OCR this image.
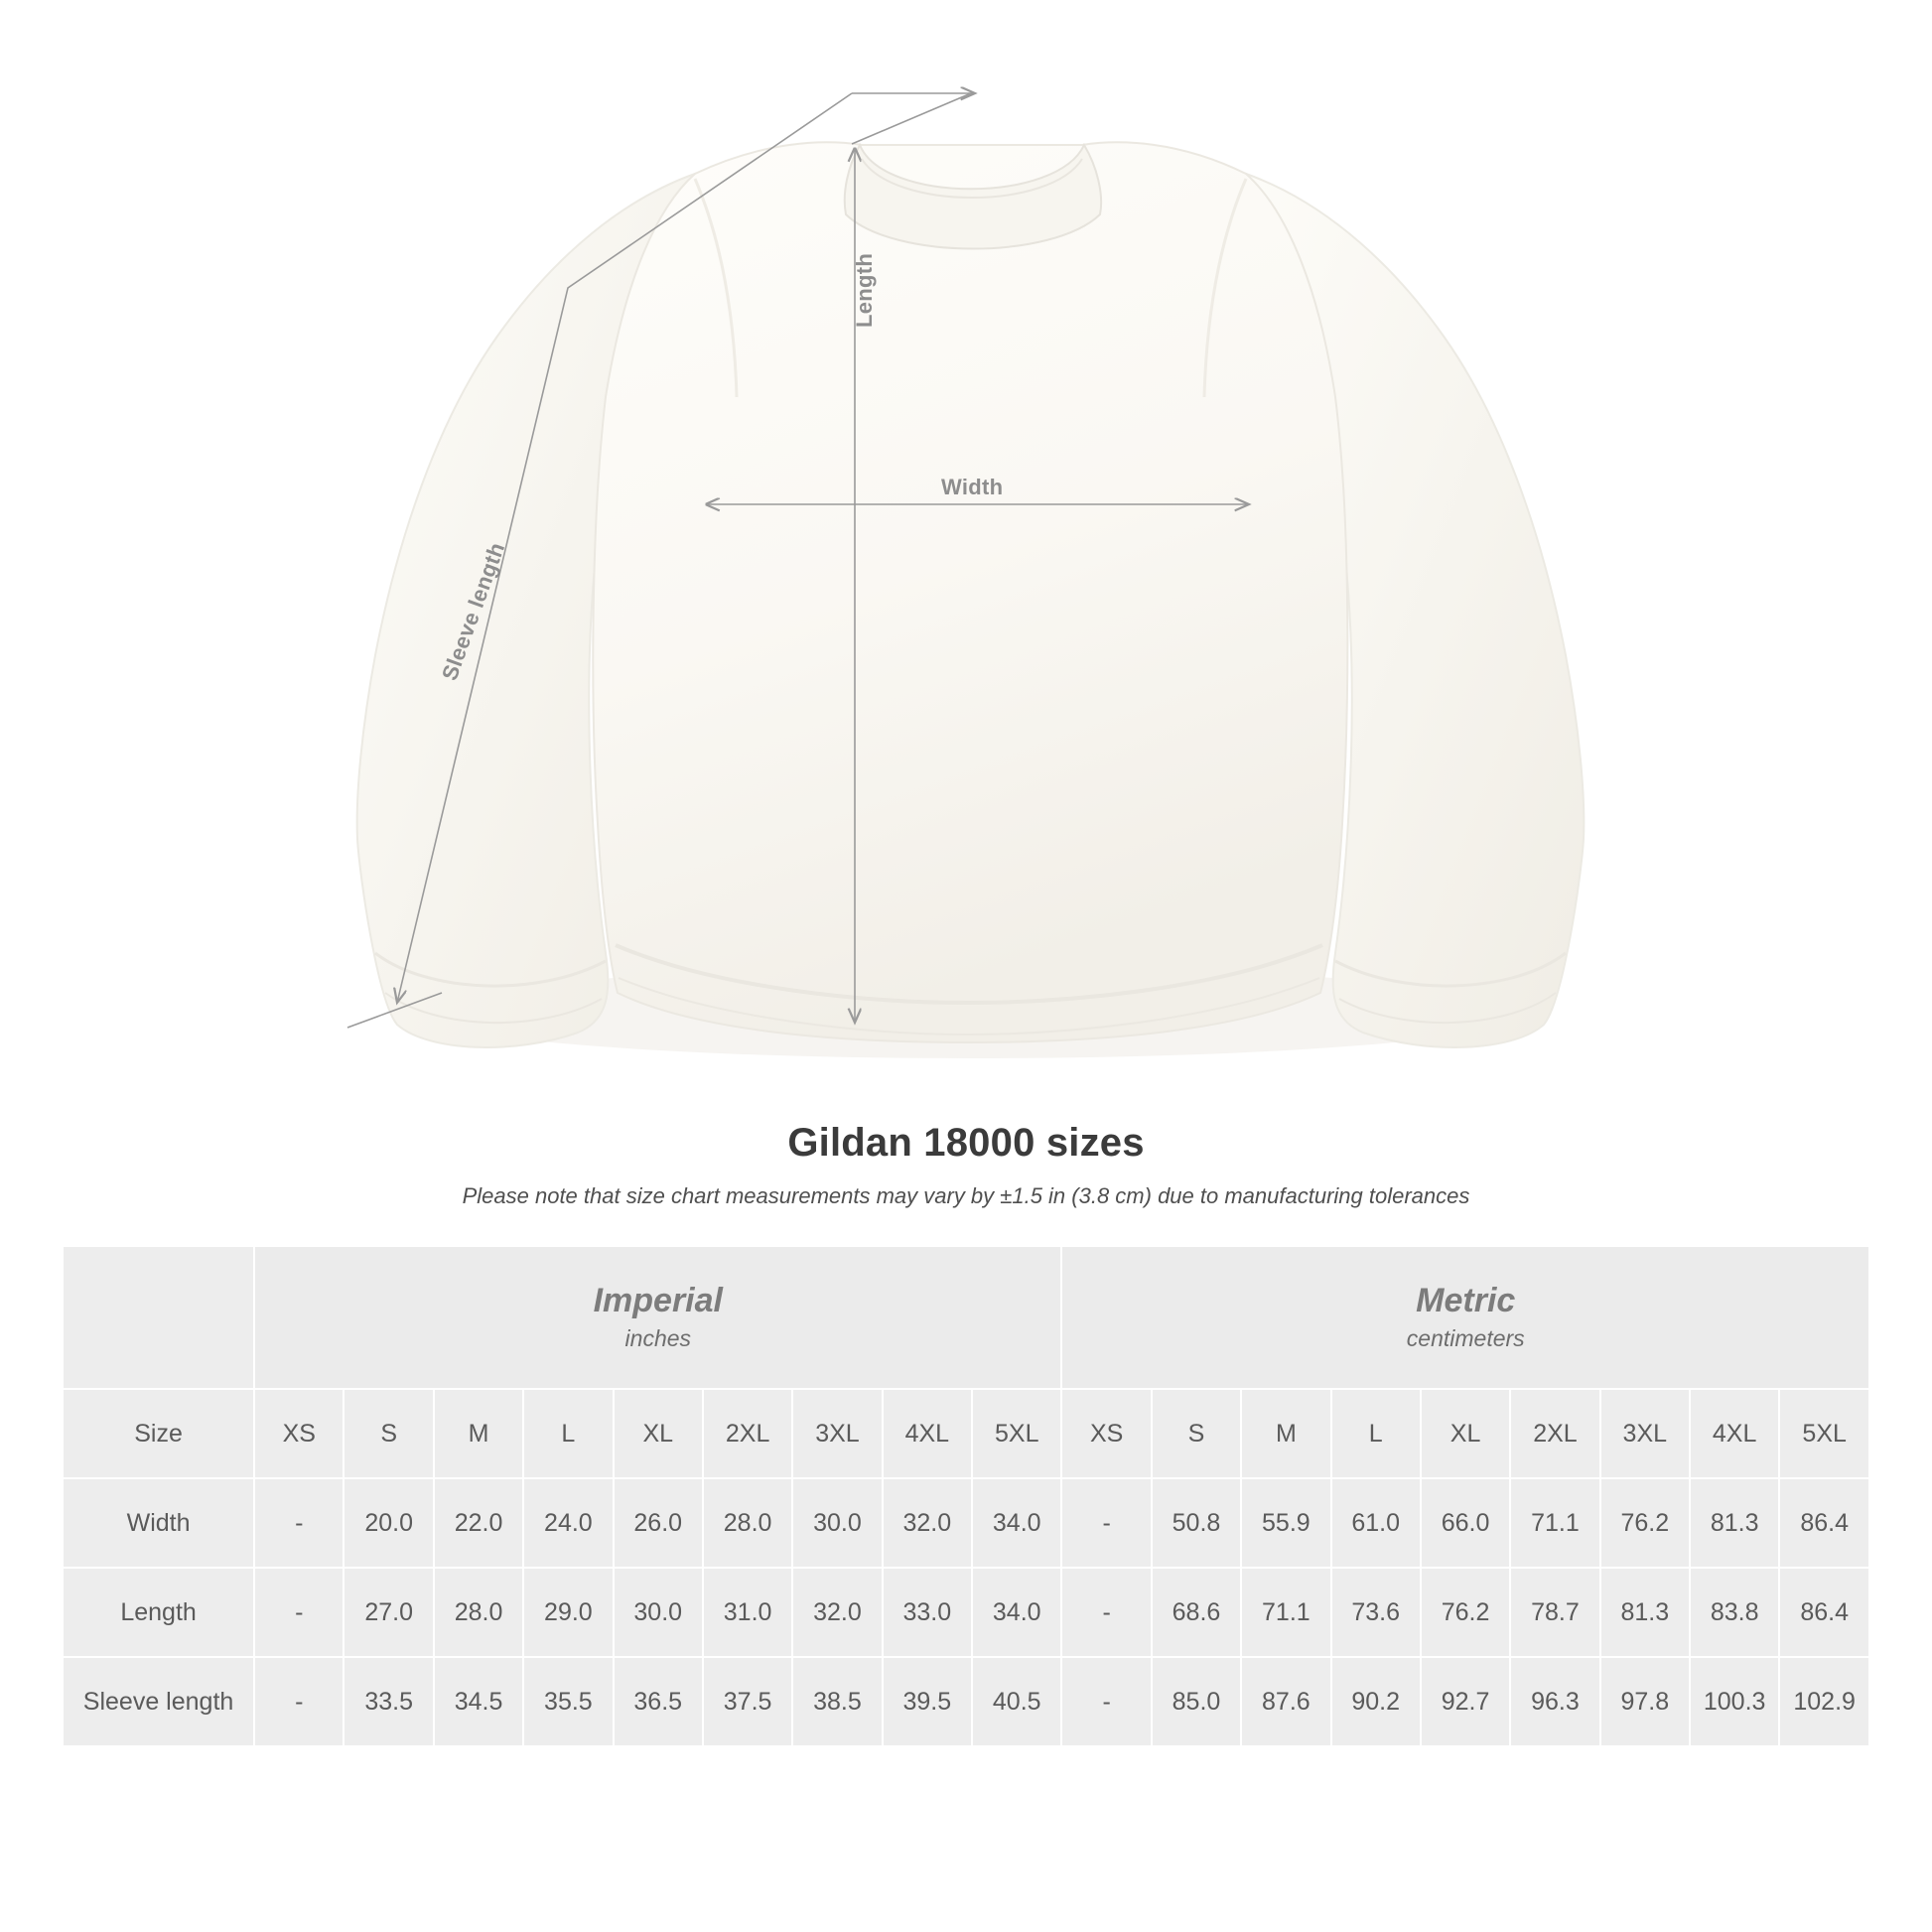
Length
Width
Sleeve length
Gildan 18000 sizes

Please note that size chart measurements may vary by ±1.5 in (3.8 cm) due to manufacturing tolerances

	Imperial
inches									Metric
centimeters								

Size	XS	S	M	L	XL	2XL	3XL	4XL	5XL	XS	S	M	L	XL	2XL	3XL	4XL	5XL
Width	-	20.0	22.0	24.0	26.0	28.0	30.0	32.0	34.0	-	50.8	55.9	61.0	66.0	71.1	76.2	81.3	86.4
Length	-	27.0	28.0	29.0	30.0	31.0	32.0	33.0	34.0	-	68.6	71.1	73.6	76.2	78.7	81.3	83.8	86.4
Sleeve length	-	33.5	34.5	35.5	36.5	37.5	38.5	39.5	40.5	-	85.0	87.6	90.2	92.7	96.3	97.8	100.3	102.9
